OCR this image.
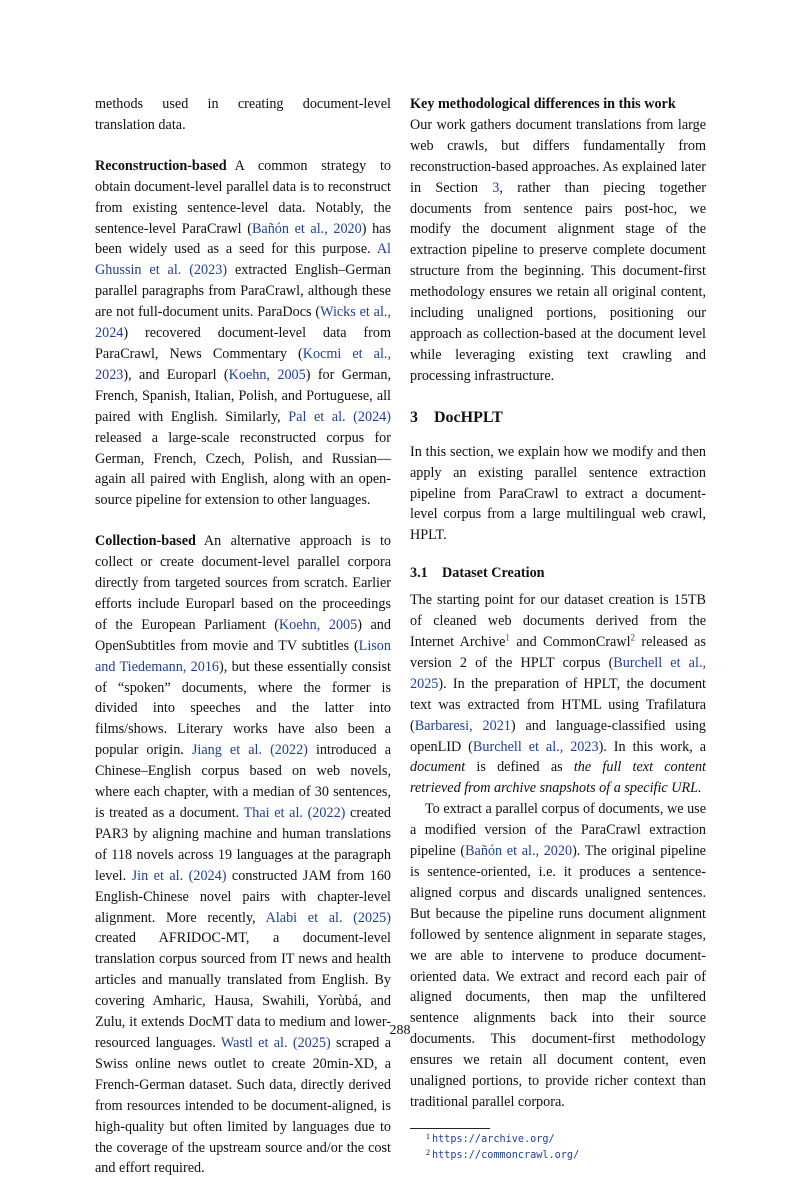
methods used in creating document-level translation data.

Reconstruction-based A common strategy to obtain document-level parallel data is to reconstruct from existing sentence-level data. Notably, the sentence-level ParaCrawl (Bañón et al., 2020) has been widely used as a seed for this purpose. Al Ghussin et al. (2023) extracted English–German parallel paragraphs from ParaCrawl, although these are not full-document units. ParaDocs (Wicks et al., 2024) recovered document-level data from ParaCrawl, News Commentary (Kocmi et al., 2023), and Europarl (Koehn, 2005) for German, French, Spanish, Italian, Polish, and Portuguese, all paired with English. Similarly, Pal et al. (2024) released a large-scale reconstructed corpus for German, French, Czech, Polish, and Russian—again all paired with English, along with an open-source pipeline for extension to other languages.

Collection-based An alternative approach is to collect or create document-level parallel corpora directly from targeted sources from scratch. Earlier efforts include Europarl based on the proceedings of the European Parliament (Koehn, 2005) and OpenSubtitles from movie and TV subtitles (Lison and Tiedemann, 2016), but these essentially consist of “spoken” documents, where the former is divided into speeches and the latter into films/shows. Literary works have also been a popular origin. Jiang et al. (2022) introduced a Chinese–English corpus based on web novels, where each chapter, with a median of 30 sentences, is treated as a document. Thai et al. (2022) created PAR3 by aligning machine and human translations of 118 novels across 19 languages at the paragraph level. Jin et al. (2024) constructed JAM from 160 English-Chinese novel pairs with chapter-level alignment. More recently, Alabi et al. (2025) created AFRIDOC-MT, a document-level translation corpus sourced from IT news and health articles and manually translated from English. By covering Amharic, Hausa, Swahili, Yorùbá, and Zulu, it extends DocMT data to medium and lower-resourced languages. Wastl et al. (2025) scraped a Swiss online news outlet to create 20min-XD, a French-German dataset. Such data, directly derived from resources intended to be document-aligned, is high-quality but often limited by languages due to the coverage of the upstream source and/or the cost and effort required.

Key methodological differences in this work
Our work gathers document translations from large web crawls, but differs fundamentally from reconstruction-based approaches. As explained later in Section 3, rather than piecing together documents from sentence pairs post-hoc, we modify the document alignment stage of the extraction pipeline to preserve complete document structure from the beginning. This document-first methodology ensures we retain all original content, including unaligned portions, positioning our approach as collection-based at the document level while leveraging existing text crawling and processing infrastructure.

3 DocHPLT

In this section, we explain how we modify and then apply an existing parallel sentence extraction pipeline from ParaCrawl to extract a document-level corpus from a large multilingual web crawl, HPLT.

3.1 Dataset Creation

The starting point for our dataset creation is 15TB of cleaned web documents derived from the Internet Archive$^1$ and CommonCrawl$^2$ released as version 2 of the HPLT corpus (Burchell et al., 2025). In the preparation of HPLT, the document text was extracted from HTML using Trafilatura (Barbaresi, 2021) and language-classified using openLID (Burchell et al., 2023). In this work, a document is defined as the full text content retrieved from archive snapshots of a specific URL.

To extract a parallel corpus of documents, we use a modified version of the ParaCrawl extraction pipeline (Bañón et al., 2020). The original pipeline is sentence-oriented, i.e. it produces a sentence-aligned corpus and discards unaligned sentences. But because the pipeline runs document alignment followed by sentence alignment in separate stages, we are able to intervene to produce document-oriented data. We extract and record each pair of aligned documents, then map the unfiltered sentence alignments back into their source documents. This document-first methodology ensures we retain all document content, even unaligned portions, to provide richer context than traditional parallel corpora.

1 https://archive.org/
2 https://commoncrawl.org/
288
